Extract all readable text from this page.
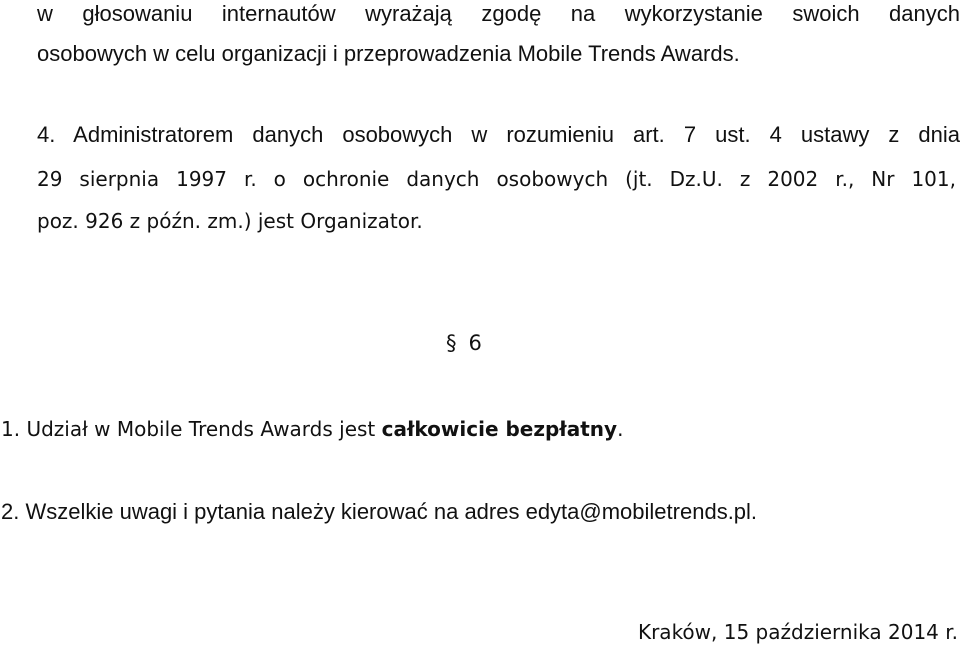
w głosowaniu internautów wyrażają zgodę na wykorzystanie swoich danych
osobowych w celu organizacji i przeprowadzenia Mobile Trends Awards.
4. Administratorem danych osobowych w rozumieniu art. 7 ust. 4 ustawy z dnia
29 sierpnia 1997 r. o ochronie danych osobowych (jt. Dz.U. z 2002 r., Nr 101,
poz. 926 z późn. zm.) jest Organizator.
§ 6
1. Udział w Mobile Trends Awards jest całkowicie bezpłatny.
2. Wszelkie uwagi i pytania należy kierować na adres edyta@mobiletrends.pl.
Kraków, 15 października 2014 r.
